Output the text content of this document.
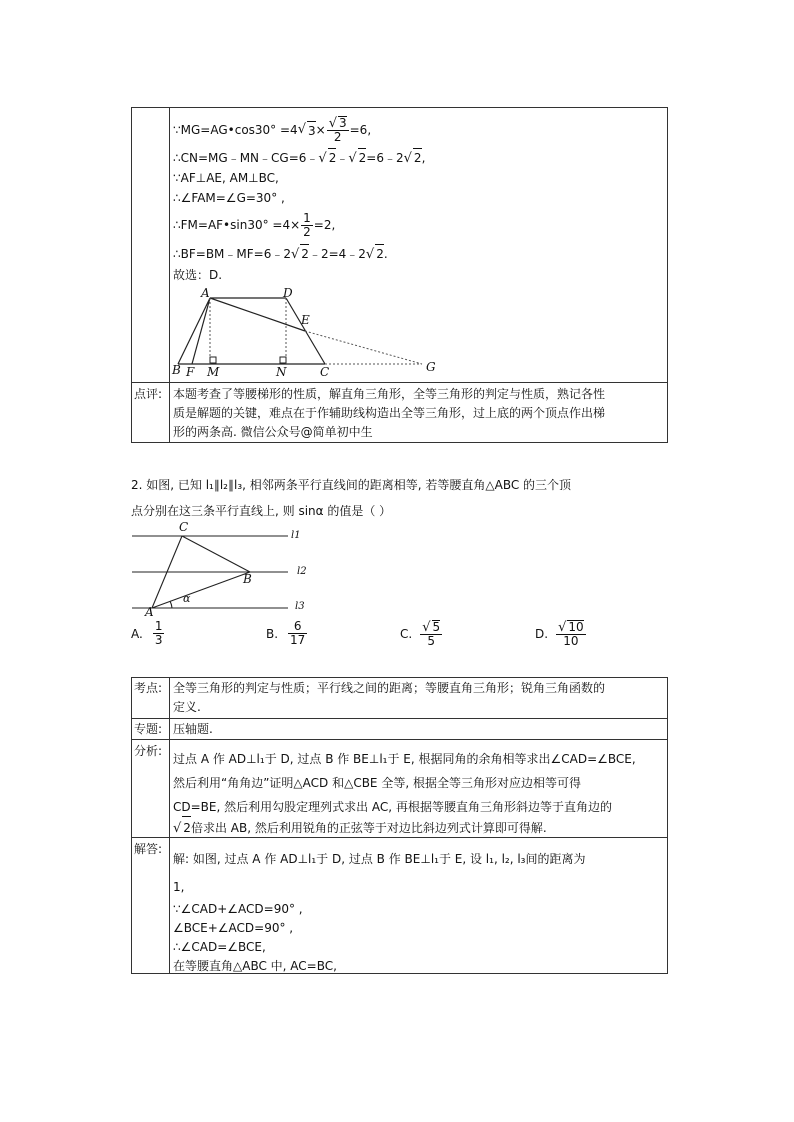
∵MG=AG•cos30° =4 √ $3 \times \frac{√ 3}{2} =6$,
∴CN=MG﹣MN﹣CG=6﹣√ 2﹣√ 2=6﹣2√ 2,
∵AF⊥AE, AM⊥BC,
∴∠FAM=∠G=30° ,
∴FM=AF•sin30° $=4\times \frac{1}{2} =2$,
∴BF=BM﹣MF=6﹣2√ 2﹣2=4﹣2√ 2.
故选：D.
A	D
E
B F M	N	C	G
点评: 本题考查了等腰梯形的性质，解直角三角形，全等三角形的判定与性质，熟记各性
质是解题的关键，难点在于作辅助线构造出全等三角形，过上底的两个顶点作出梯
形的两条高. 微信公众号@简单初中生
2. 如图, 已知 l₁∥l₂∥l₃, 相邻两条平行直线间的距离相等, 若等腰直角△ABC 的三个顶
点分别在这三条平行直线上, 则 sinα 的值是（ ）
C
B
A
α
l1
l2
l3
A. $\frac{1}{3}$	B. $\frac{6}{17}$	C. $\frac{√ 5}{5}$	D. $\frac{√ 10}{10}$
考点: 全等三角形的判定与性质；平行线之间的距离；等腰直角三角形；锐角三角函数的
定义.
专题: 压轴题.
分析:
过点 A 作 AD⊥l₁于 D, 过点 B 作 BE⊥l₁于 E, 根据同角的余角相等求出∠CAD=∠BCE,
然后利用“角角边”证明△ACD 和△CBE 全等, 根据全等三角形对应边相等可得
CD=BE, 然后利用勾股定理列式求出 AC, 再根据等腰直角三角形斜边等于直角边的
√ 2倍求出 AB, 然后利用锐角的正弦等于对边比斜边列式计算即可得解.
解答:
解: 如图, 过点 A 作 AD⊥l₁于 D, 过点 B 作 BE⊥l₁于 E, 设 l₁, l₂, l₃间的距离为
1,
∵∠CAD+∠ACD=90° ,
∠BCE+∠ACD=90° ,
∴∠CAD=∠BCE,
在等腰直角△ABC 中, AC=BC,
